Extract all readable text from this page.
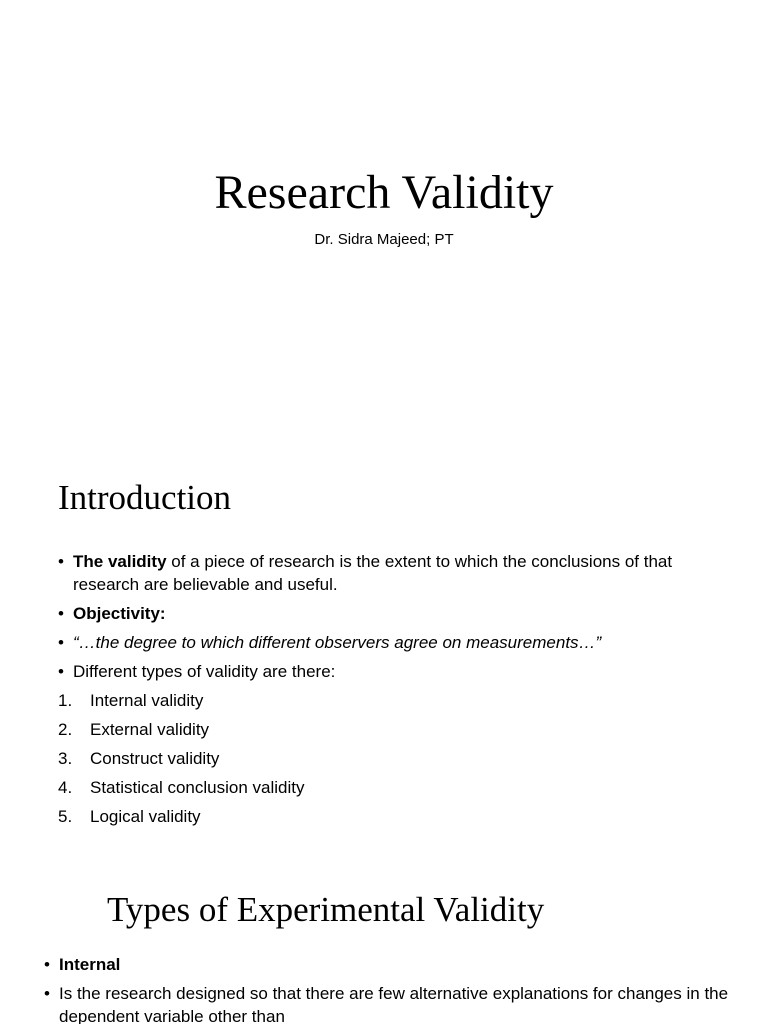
Research Validity
Dr. Sidra Majeed; PT
Introduction
• The validity of a piece of research is the extent to which the conclusions of that research are believable and useful.
• Objectivity:
• “…the degree to which different observers agree on measurements…”
• Different types of validity are there:
1. Internal validity
2. External validity
3. Construct validity
4. Statistical conclusion validity
5. Logical validity
Types of Experimental Validity
• Internal
• Is the research designed so that there are few alternative explanations for changes in the dependent variable other than
